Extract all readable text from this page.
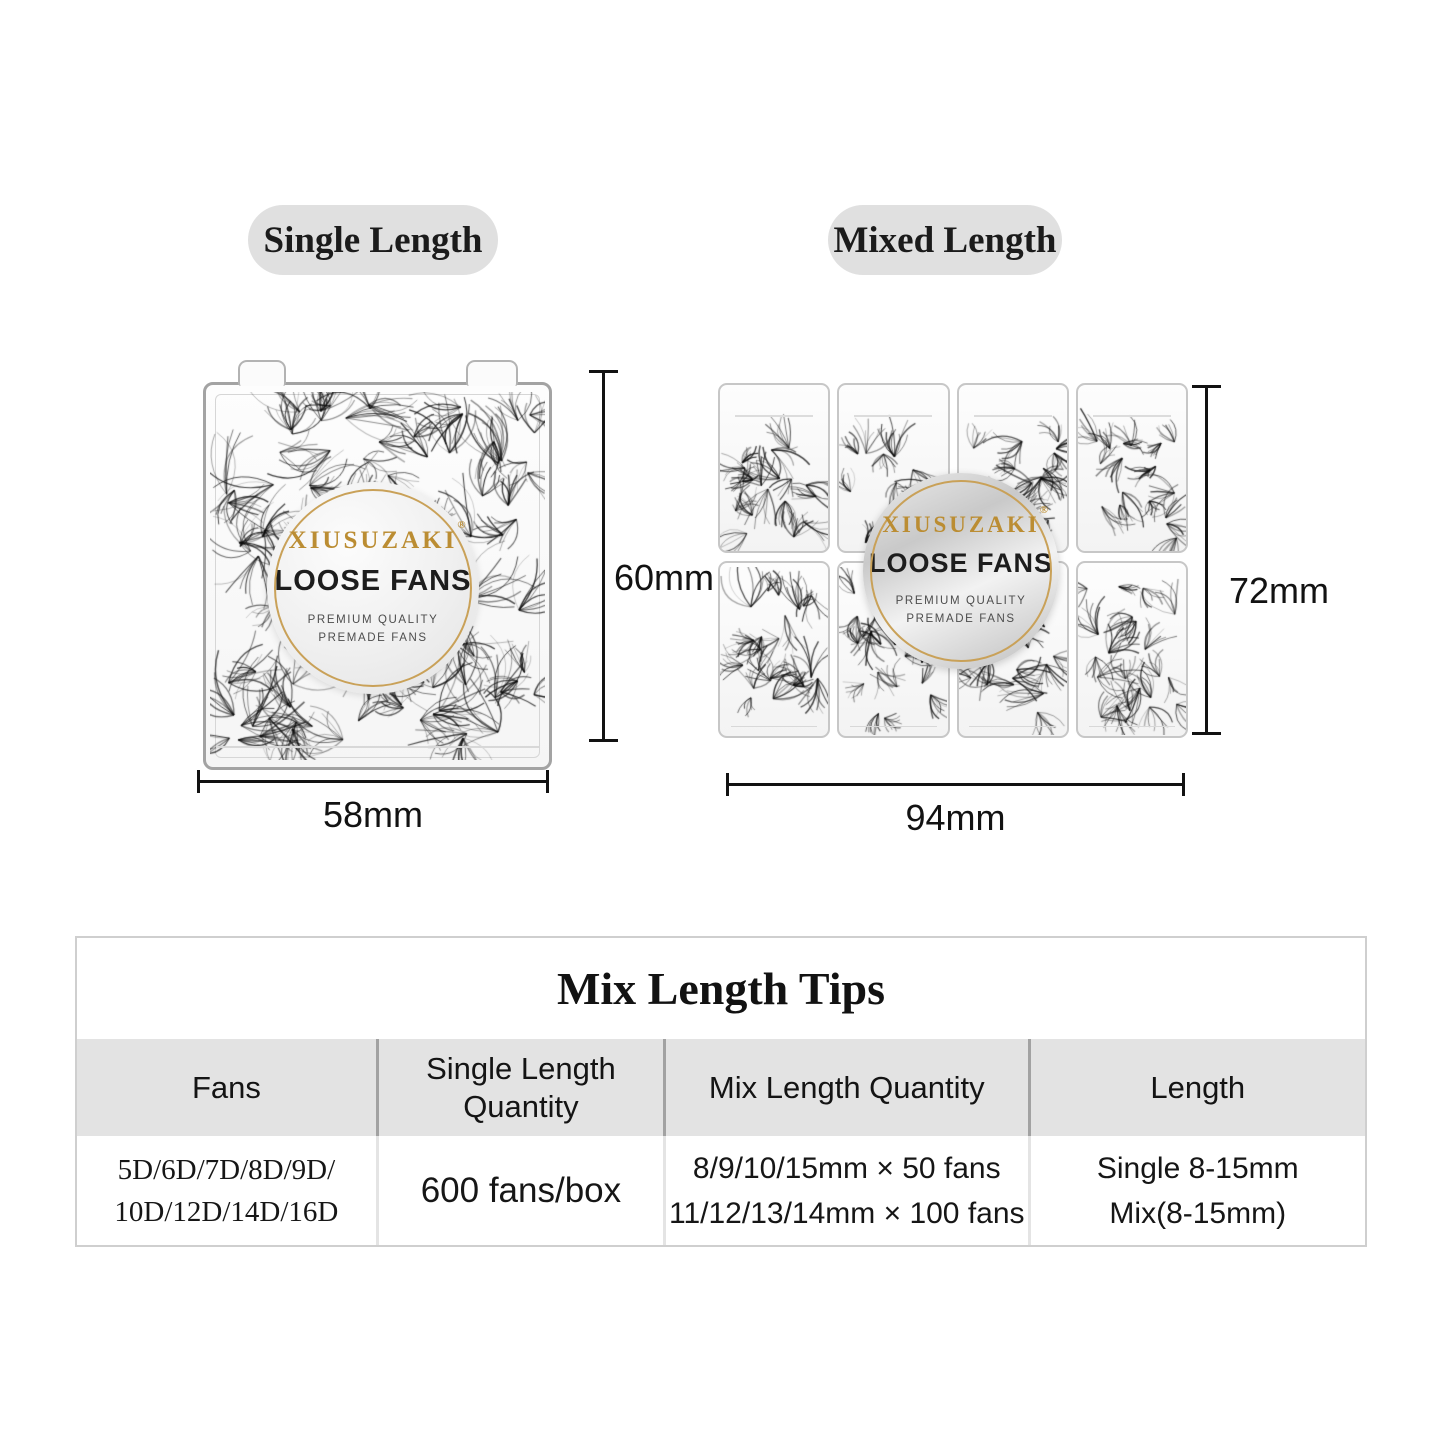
Single Length	Mixed Length
XIUSUZAKI
®
LOOSE FANS
PREMIUM QUALITY
PREMADE FANS
XIUSUZAKI
®
LOOSE FANS
PREMIUM QUALITY
PREMADE FANS
60mm
58mm
72mm
94mm
Mix Length Tips
Fans
Single Length
Quantity
Mix Length Quantity	Length
5D/6D/7D/8D/9D/
10D/12D/14D/16D
600 fans/box
8/9/10/15mm × 50 fans
11/12/13/14mm × 100 fans
Single 8-15mm
Mix(8-15mm)
